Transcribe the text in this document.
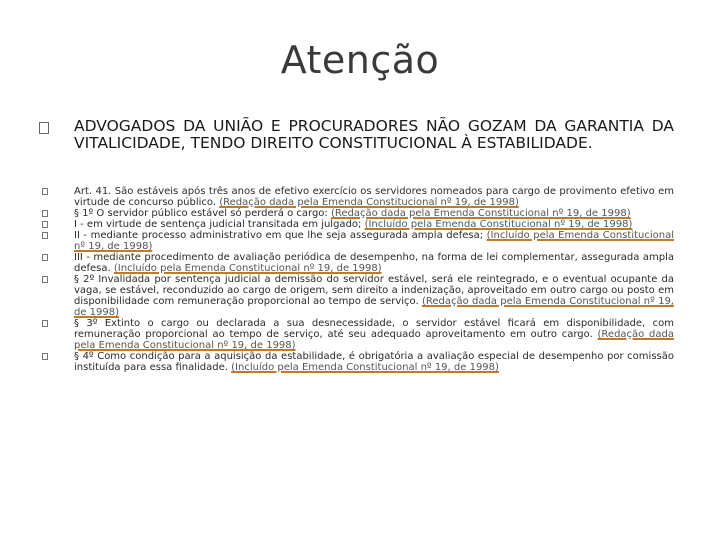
Atenção
ADVOGADOS DA UNIÃO E PROCURADORES NÃO GOZAM DA GARANTIA DA VITALICIDADE, TENDO DIREITO CONSTITUCIONAL À ESTABILIDADE.
Art. 41. São estáveis após três anos de efetivo exercício os servidores nomeados para cargo de provimento efetivo em virtude de concurso público. (Redação dada pela Emenda Constitucional nº 19, de 1998)
§ 1º O servidor público estável só perderá o cargo: (Redação dada pela Emenda Constitucional nº 19, de 1998)
I - em virtude de sentença judicial transitada em julgado; (Incluído pela Emenda Constitucional nº 19, de 1998)
II - mediante processo administrativo em que lhe seja assegurada ampla defesa; (Incluído pela Emenda Constitucional nº 19, de 1998)
III - mediante procedimento de avaliação periódica de desempenho, na forma de lei complementar, assegurada ampla defesa. (Incluído pela Emenda Constitucional nº 19, de 1998)
§ 2º Invalidada por sentença judicial a demissão do servidor estável, será ele reintegrado, e o eventual ocupante da vaga, se estável, reconduzido ao cargo de origem, sem direito a indenização, aproveitado em outro cargo ou posto em disponibilidade com remuneração proporcional ao tempo de serviço. (Redação dada pela Emenda Constitucional nº 19, de 1998)
§ 3º Extinto o cargo ou declarada a sua desnecessidade, o servidor estável ficará em disponibilidade, com remuneração proporcional ao tempo de serviço, até seu adequado aproveitamento em outro cargo. (Redação dada pela Emenda Constitucional nº 19, de 1998)
§ 4º Como condição para a aquisição da estabilidade, é obrigatória a avaliação especial de desempenho por comissão instituída para essa finalidade. (Incluído pela Emenda Constitucional nº 19, de 1998)
